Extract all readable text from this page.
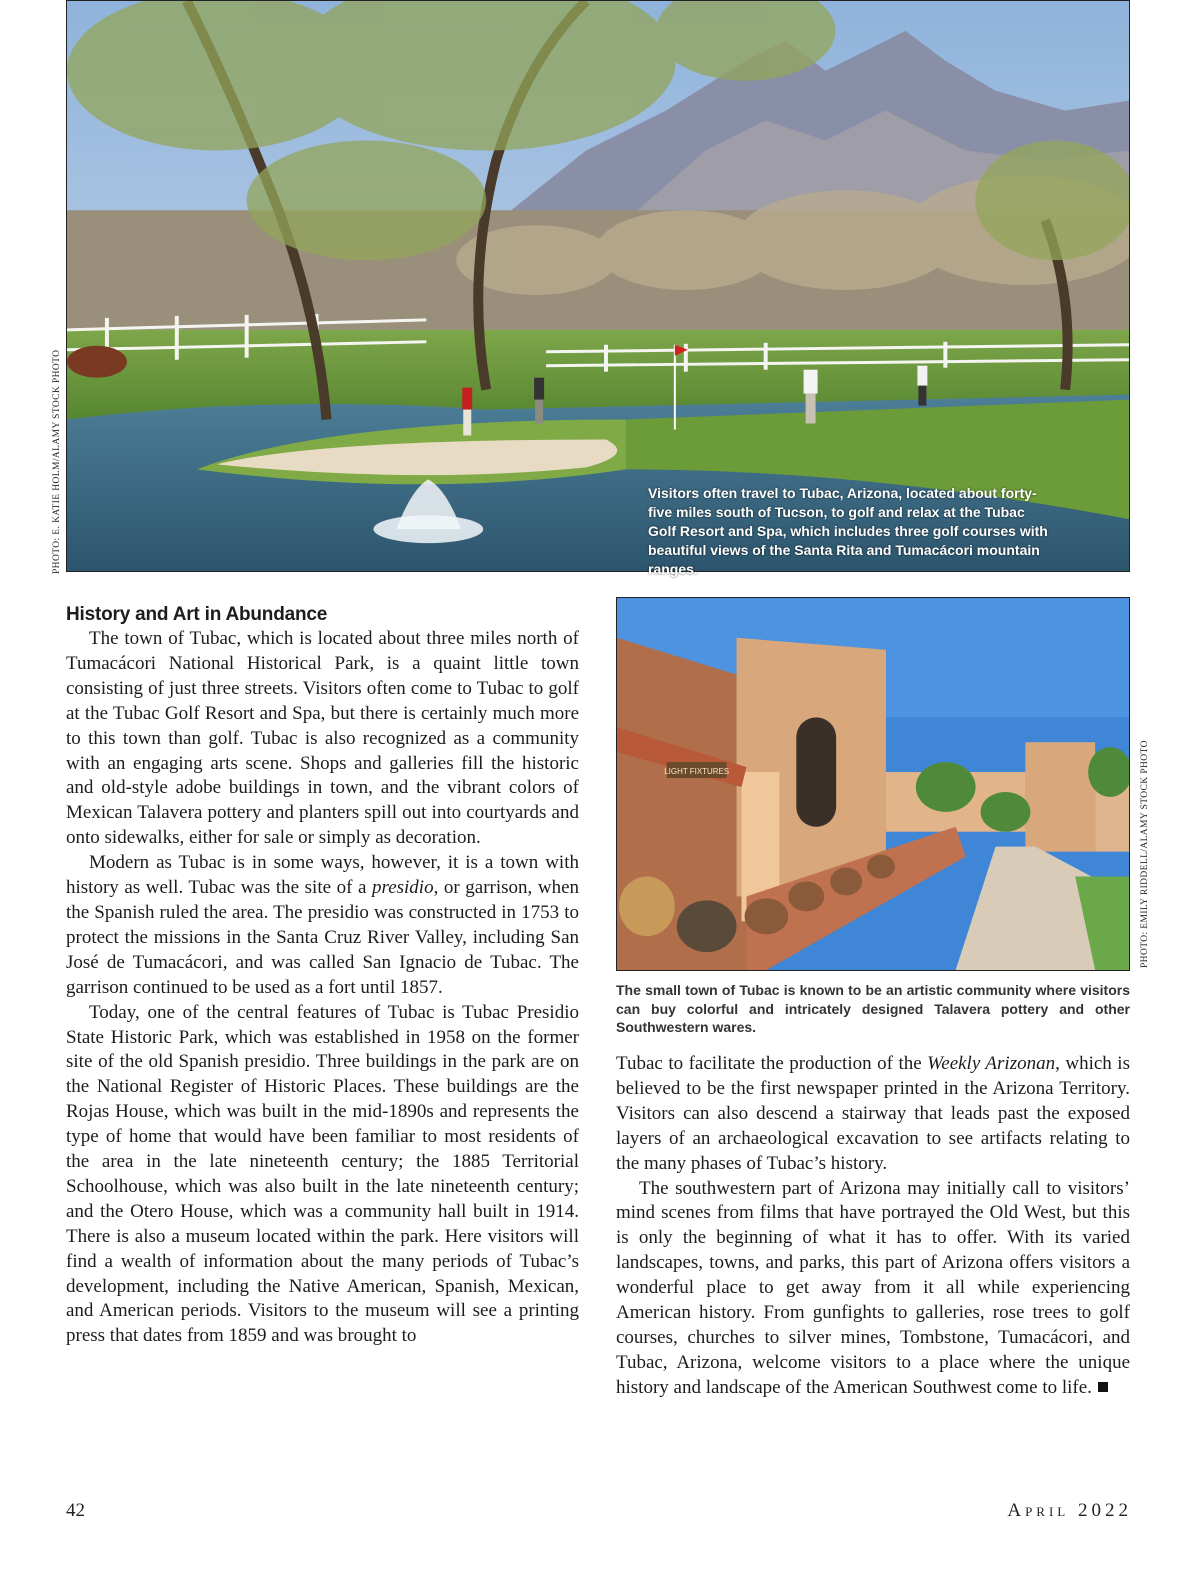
Visitors often travel to Tubac, Arizona, located about forty-five miles south of Tucson, to golf and relax at the Tubac Golf Resort and Spa, which includes three golf courses with beautiful views of the Santa Rita and Tumacácori mountain ranges.
PHOTO: E. KATIE HOLM/ALAMY STOCK PHOTO
History and Art in Abundance

The town of Tubac, which is located about three miles north of Tumacácori National Historical Park, is a quaint little town consisting of just three streets. Visitors often come to Tubac to golf at the Tubac Golf Resort and Spa, but there is certainly much more to this town than golf. Tubac is also recognized as a community with an engaging arts scene. Shops and galleries fill the historic and old-style adobe buildings in town, and the vibrant colors of Mexican Talavera pottery and planters spill out into courtyards and onto sidewalks, either for sale or simply as decoration.

Modern as Tubac is in some ways, however, it is a town with history as well. Tubac was the site of a presidio, or garrison, when the Spanish ruled the area. The presidio was constructed in 1753 to protect the missions in the Santa Cruz River Valley, including San José de Tumacácori, and was called San Ignacio de Tubac. The garrison continued to be used as a fort until 1857.

Today, one of the central features of Tubac is Tubac Presidio State Historic Park, which was established in 1958 on the former site of the old Spanish presidio. Three buildings in the park are on the National Register of Historic Places. These buildings are the Rojas House, which was built in the mid-1890s and represents the type of home that would have been familiar to most residents of the area in the late nineteenth century; the 1885 Territorial Schoolhouse, which was also built in the late nineteenth century; and the Otero House, which was a community hall built in 1914. There is also a museum located within the park. Here visitors will find a wealth of information about the many periods of Tubac’s development, including the Native American, Spanish, Mexican, and American periods. Visitors to the museum will see a printing press that dates from 1859 and was brought to

LIGHT FIXTURES	PHOTO: EMILY RIDDELL/ALAMY STOCK PHOTO
The small town of Tubac is known to be an artistic community where visitors can buy colorful and intricately designed Talavera pottery and other Southwestern wares.

Tubac to facilitate the production of the Weekly Arizonan, which is believed to be the first newspaper printed in the Arizona Territory. Visitors can also descend a stairway that leads past the exposed layers of an archaeological excavation to see artifacts relating to the many phases of Tubac’s history.

The southwestern part of Arizona may initially call to visitors’ mind scenes from films that have portrayed the Old West, but this is only the beginning of what it has to offer. With its varied landscapes, towns, and parks, this part of Arizona offers visitors a wonderful place to get away from it all while experiencing American history. From gunfights to galleries, rose trees to golf courses, churches to silver mines, Tombstone, Tumacácori, and Tubac, Arizona, welcome visitors to a place where the unique history and landscape of the American Southwest come to life.

42	April 2022
